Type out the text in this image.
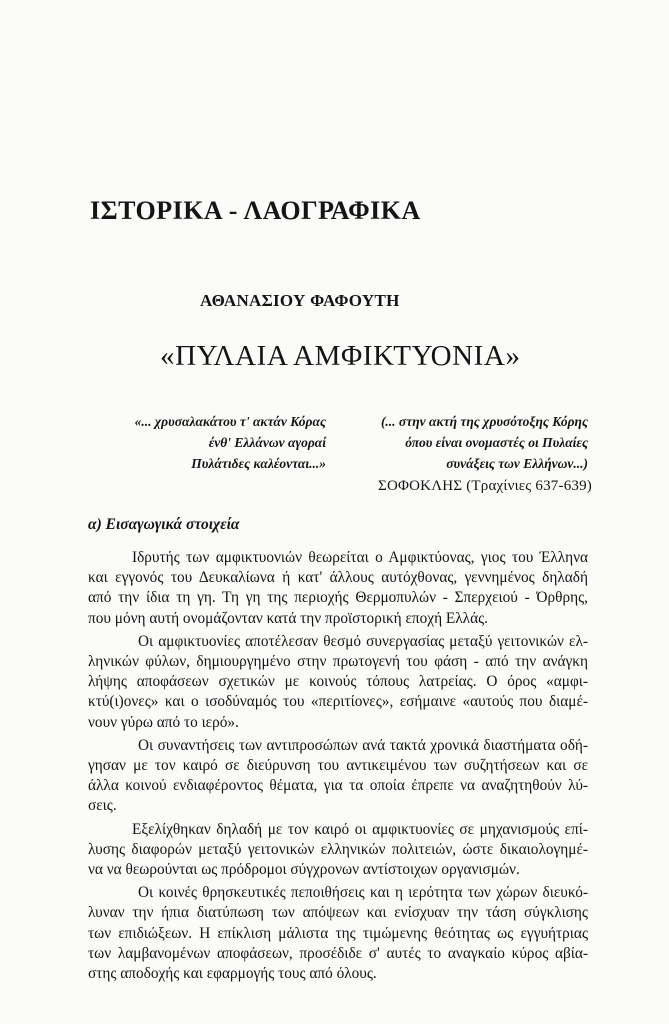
ΙΣΤΟΡΙΚΑ - ΛΑΟΓΡΑΦΙΚΑ
ΑΘΑΝΑΣΙΟΥ ΦΑΦΟΥΤΗ
«ΠΥΛΑΙΑ ΑΜΦΙΚΤΥΟΝΙΑ»
«... χρυσαλακάτου τ' ακτάν Κόρας
ένθ' Ελλάνων αγοραί
Πυλάτιδες καλέονται...»
(... στην ακτή της χρυσότοξης Κόρης
όπου είναι ονομαστές οι Πυλαίες
συνάξεις των Ελλήνων...)
ΣΟΦΟΚΛΗΣ (Τραχίνιες 637-639)
α) Εισαγωγικά στοιχεία

Ιδρυτής των αμφικτυονιών θεωρείται ο Αμφικτύονας, γιος του Έλληνα
και εγγονός του Δευκαλίωνα ή κατ' άλλους αυτόχθονας, γεννημένος δηλαδή
από την ίδια τη γη. Τη γη της περιοχής Θερμοπυλών - Σπερχειού - Όρθρης,
που μόνη αυτή ονομάζονταν κατά την προϊστορική εποχή Ελλάς.

Οι αμφικτυονίες αποτέλεσαν θεσμό συνεργασίας μεταξύ γειτονικών ελ-
ληνικών φύλων, δημιουργημένο στην πρωτογενή του φάση - από την ανάγκη
λήψης αποφάσεων σχετικών με κοινούς τόπους λατρείας. Ο όρος «αμφι-
κτύ(ι)ονες» και ο ισοδύναμός του «περιτίονες», εσήμαινε «αυτούς που διαμέ-
νουν γύρω από το ιερό».

Οι συναντήσεις των αντιπροσώπων ανά τακτά χρονικά διαστήματα οδή-
γησαν με τον καιρό σε διεύρυνση του αντικειμένου των συζητήσεων και σε
άλλα κοινού ενδιαφέροντος θέματα, για τα οποία έπρεπε να αναζητηθούν λύ-
σεις.

Εξελίχθηκαν δηλαδή με τον καιρό οι αμφικτυονίες σε μηχανισμούς επί-
λυσης διαφορών μεταξύ γειτονικών ελληνικών πολιτειών, ώστε δικαιολογημέ-
να να θεωρούνται ως πρόδρομοι σύγχρονων αντίστοιχων οργανισμών.

Οι κοινές θρησκευτικές πεποιθήσεις και η ιερότητα των χώρων διευκό-
λυναν την ήπια διατύπωση των απόψεων και ενίσχυαν την τάση σύγκλισης
των επιδιώξεων. Η επίκλιση μάλιστα της τιμώμενης θεότητας ως εγγυήτριας
των λαμβανομένων αποφάσεων, προσέδιδε σ' αυτές το αναγκαίο κύρος αβία-
στης αποδοχής και εφαρμογής τους από όλους.
